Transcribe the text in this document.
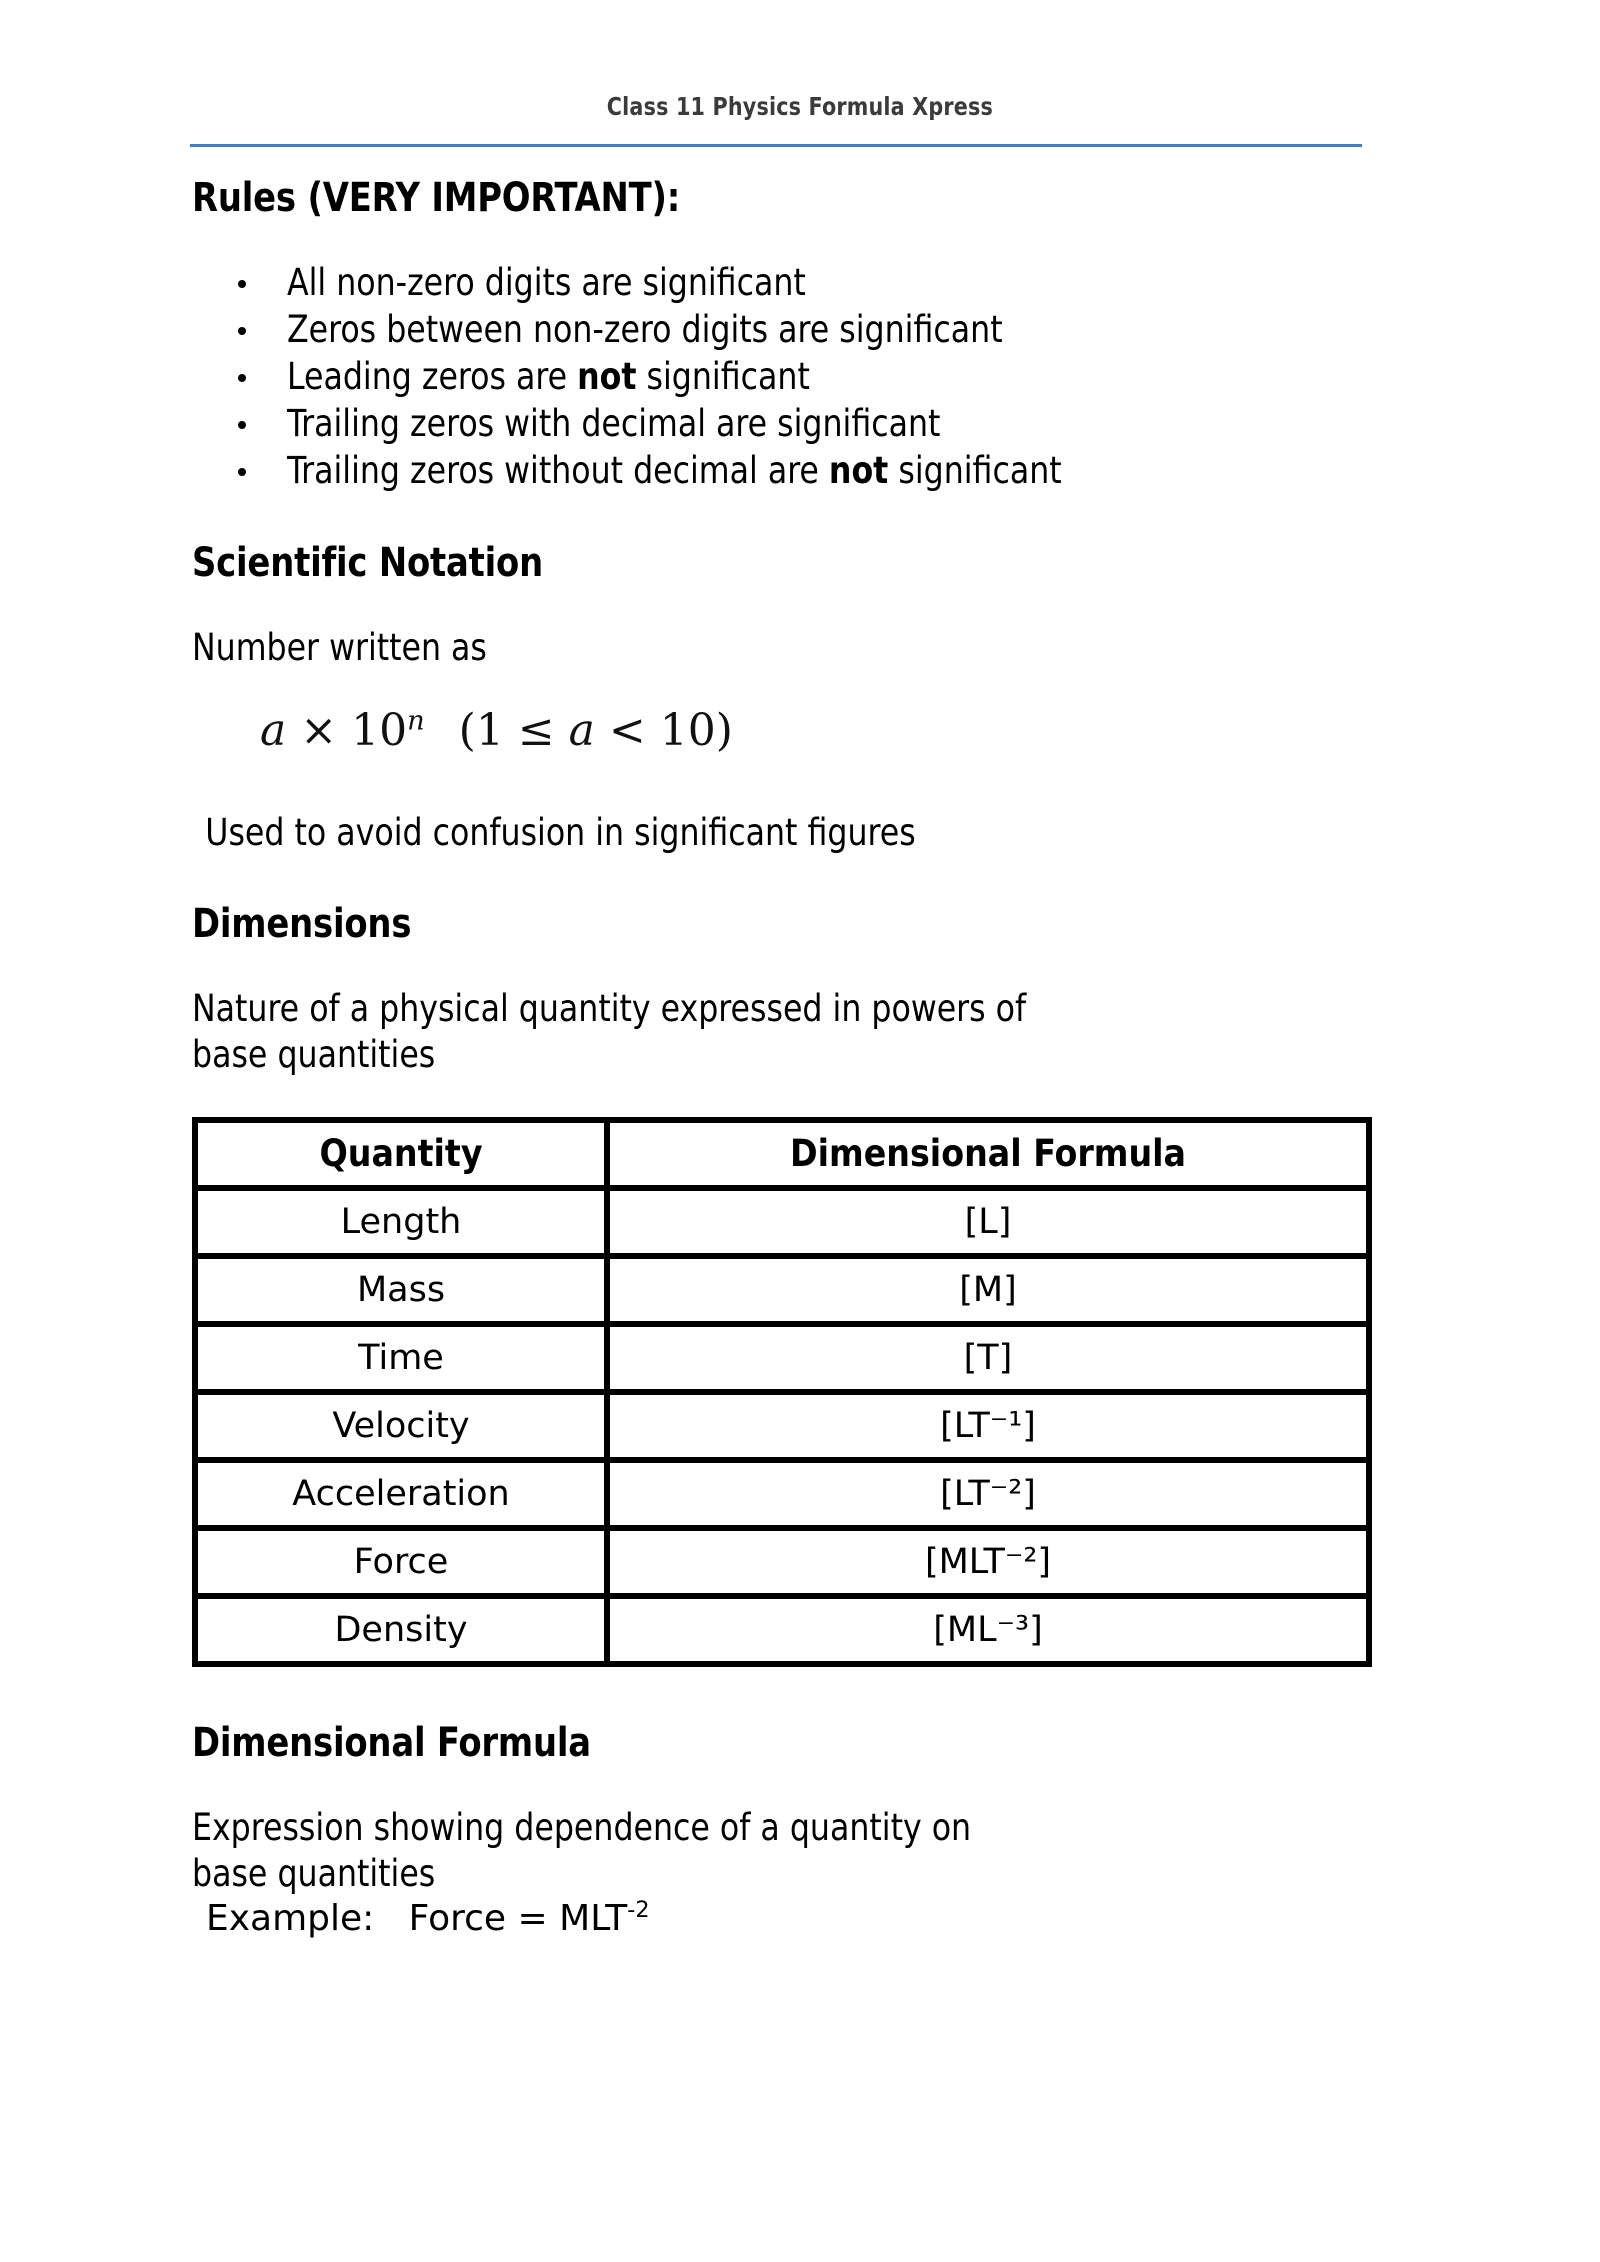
Class 11 Physics Formula Xpress
Rules (VERY IMPORTANT):
All non-zero digits are significant
Zeros between non-zero digits are significant
Leading zeros are not significant
Trailing zeros with decimal are significant
Trailing zeros without decimal are not significant
Scientific Notation

Number written as

$a \times 10^n$ (1 ≤ a < 10)

Used to avoid confusion in significant figures

Dimensions

Nature of a physical quantity expressed in powers of

base quantities

Quantity	Dimensional Formula
Length	[L]
Mass	[M]
Time	[T]
Velocity	[LT⁻¹]
Acceleration	[LT⁻²]
Force	[MLT⁻²]
Density	[ML⁻³]
Dimensional Formula

Expression showing dependence of a quantity on

base quantities

Example: Force = $MLT^{-2}$
